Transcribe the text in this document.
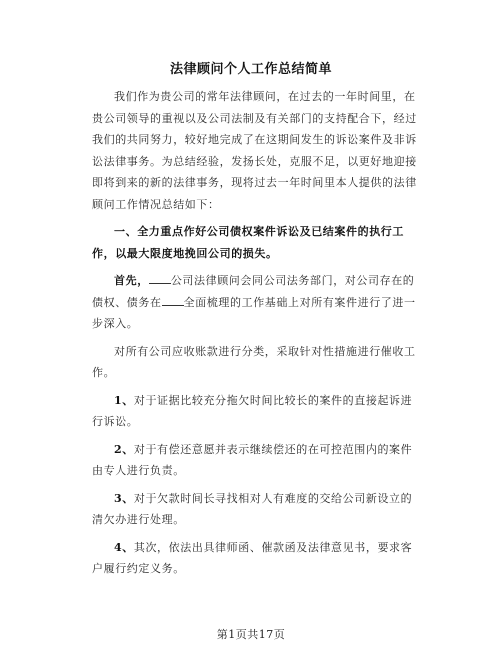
法律顾问个人工作总结简单

我们作为贵公司的常年法律顾问，在过去的一年时间里，在贵公司领导的重视以及公司法制及有关部门的支持配合下，经过我们的共同努力，较好地完成了在这期间发生的诉讼案件及非诉讼法律事务。为总结经验，发扬长处，克服不足，以更好地迎接即将到来的新的法律事务，现将过去一年时间里本人提供的法律顾问工作情况总结如下：

一、全力重点作好公司债权案件诉讼及已结案件的执行工作，以最大限度地挽回公司的损失。

首先， 公司法律顾问会同公司法务部门，对公司存在的债权、债务在 全面梳理的工作基础上对所有案件进行了进一步深入。

对所有公司应收账款进行分类，采取针对性措施进行催收工作。

1、对于证据比较充分拖欠时间比较长的案件的直接起诉进行诉讼。

2、对于有偿还意愿并表示继续偿还的在可控范围内的案件由专人进行负责。

3、对于欠款时间长寻找相对人有难度的交给公司新设立的清欠办进行处理。

4、其次，依法出具律师函、催款函及法律意见书，要求客户履行约定义务。

第1页共17页
